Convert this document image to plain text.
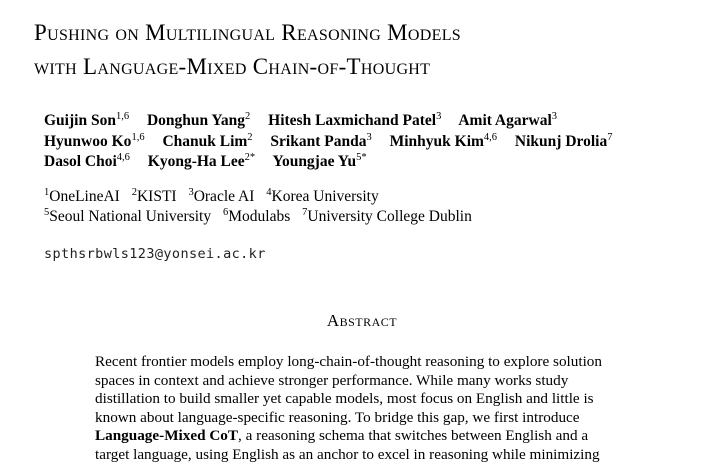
Pushing on Multilingual Reasoning Models
with Language-Mixed Chain-of-Thought
Guijin Son$^{1,6}$ Donghun Yang$^2$ Hitesh Laxmichand Patel$^3$ Amit Agarwal$^3$
Hyunwoo Ko$^{1,6}$ Chanuk Lim$^2$ Srikant Panda$^3$ Minhyuk Kim$^{4,6}$ Nikunj Drolia$^7$
Dasol Choi$^{4,6}$ Kyong-Ha Lee$^{2*}$ Youngjae $Yu^{5*}$
$^1$OneLineAI $^2$KISTI $^3$Oracle AI $^4$Korea University
$^5$Seoul National University $^6$Modulabs $^7$University College Dublin
spthsrbwls123@yonsei.ac.kr
Abstract
Recent frontier models employ long-chain-of-thought reasoning to explore solution
spaces in context and achieve stronger performance. While many works study
distillation to build smaller yet capable models, most focus on English and little is
known about language-specific reasoning. To bridge this gap, we first introduce
Language-Mixed CoT, a reasoning schema that switches between English and a
target language, using English as an anchor to excel in reasoning while minimizing
